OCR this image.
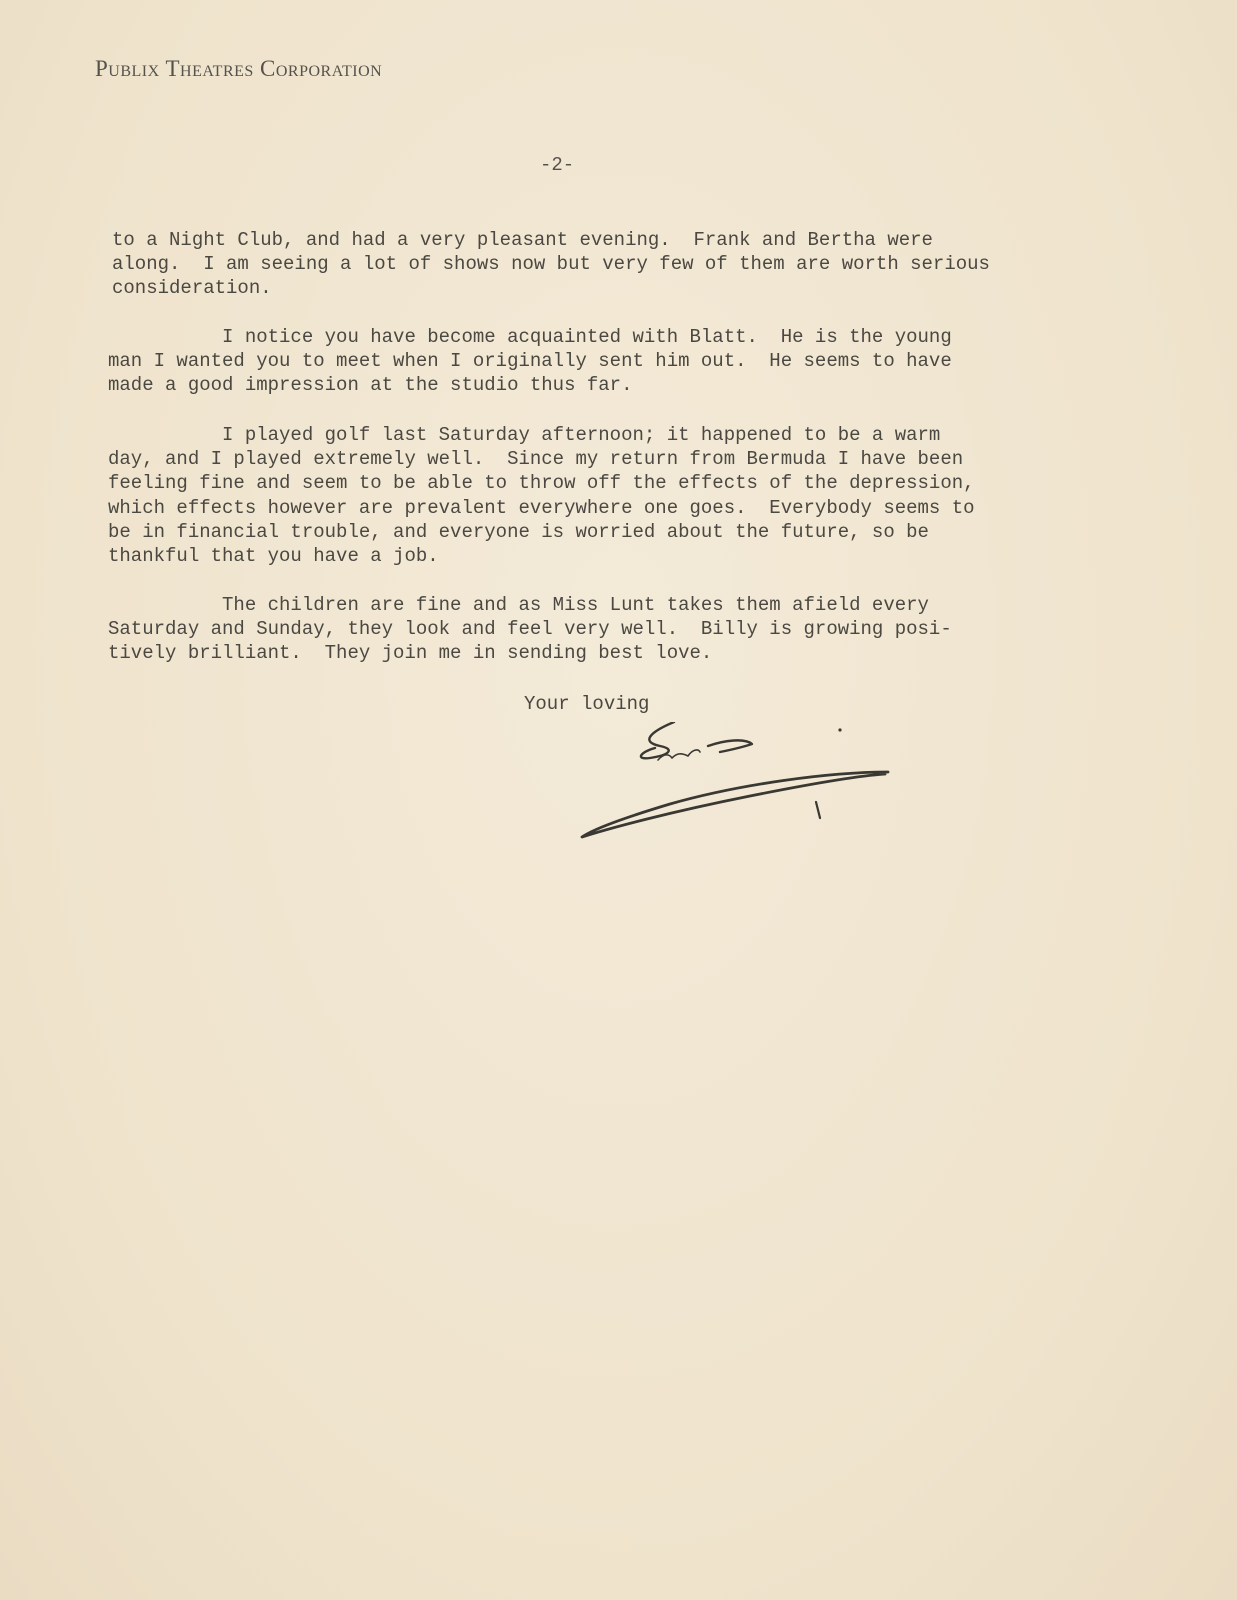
Publix Theatres Corporation
-2-

to a Night Club, and had a very pleasant evening.  Frank and Bertha were
along.  I am seeing a lot of shows now but very few of them are worth serious
consideration.

I notice you have become acquainted with Blatt.  He is the young
man I wanted you to meet when I originally sent him out.  He seems to have
made a good impression at the studio thus far.

I played golf last Saturday afternoon; it happened to be a warm
day, and I played extremely well.  Since my return from Bermuda I have been
feeling fine and seem to be able to throw off the effects of the depression,
which effects however are prevalent everywhere one goes.  Everybody seems to
be in financial trouble, and everyone is worried about the future, so be
thankful that you have a job.

The children are fine and as Miss Lunt takes them afield every
Saturday and Sunday, they look and feel very well.  Billy is growing posi-
tively brilliant.  They join me in sending best love.

Your loving
